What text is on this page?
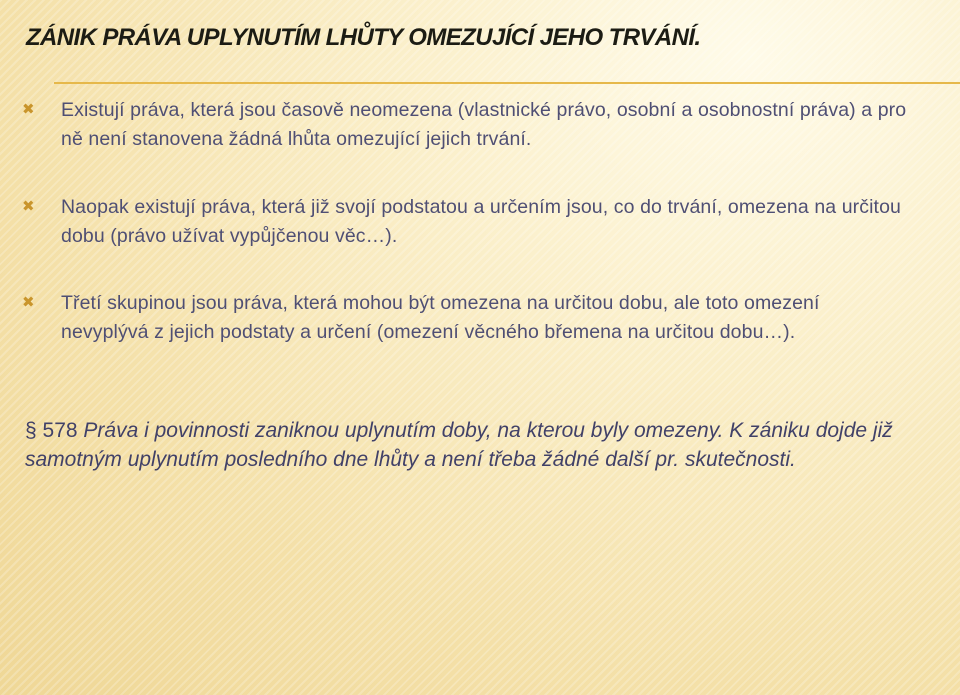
ZÁNIK PRÁVA UPLYNUTÍM LHŮTY OMEZUJÍCÍ JEHO TRVÁNÍ.
✖ Existují práva, která jsou časově neomezena (vlastnické právo, osobní a osobnostní práva) a pro ně není stanovena žádná lhůta omezující jejich trvání.

✖ Naopak existují práva, která již svojí podstatou a určením jsou, co do trvání, omezena na určitou dobu (právo užívat vypůjčenou věc…).

✖ Třetí skupinou jsou práva, která mohou být omezena na určitou dobu, ale toto omezení nevyplývá z jejich podstaty a určení (omezení věcného břemena na určitou dobu…).

§ 578 Práva i povinnosti zaniknou uplynutím doby, na kterou byly omezeny. K zániku dojde již samotným uplynutím posledního dne lhůty a není třeba žádné další pr. skutečnosti.
